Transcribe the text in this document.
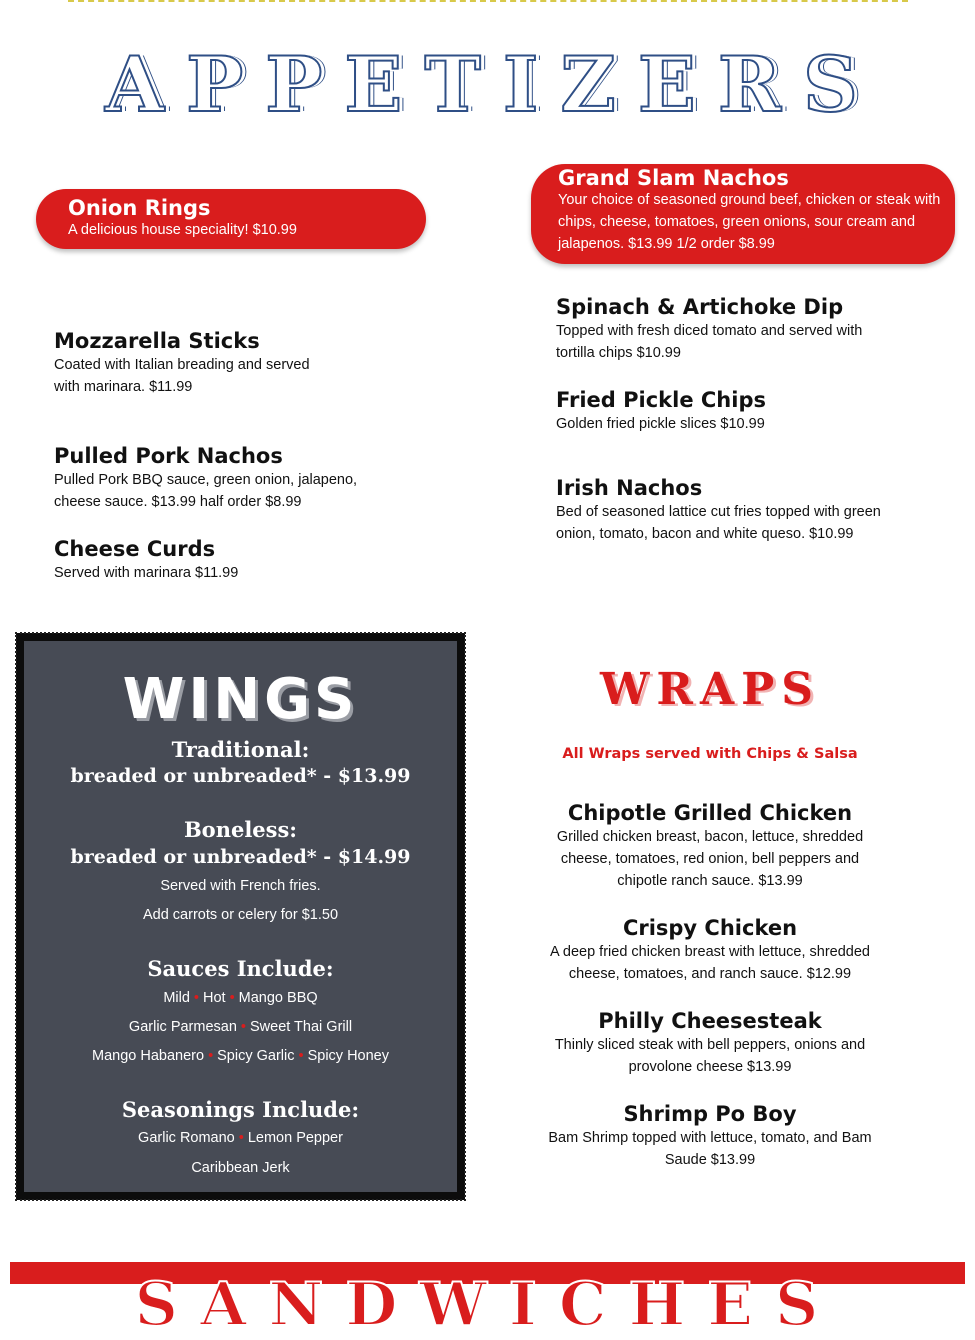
APPETIZERS
Onion Rings
A delicious house speciality! $10.99
Grand Slam Nachos
Your choice of seasoned ground beef, chicken or steak with chips, cheese, tomatoes, green onions, sour cream and jalapenos. $13.99 1/2 order $8.99
Mozzarella Sticks
Coated with Italian breading and served
with marinara. $11.99
Pulled Pork Nachos
Pulled Pork BBQ sauce, green onion, jalapeno,
cheese sauce. $13.99 half order $8.99
Cheese Curds
Served with marinara $11.99
Spinach & Artichoke Dip
Topped with fresh diced tomato and served with
tortilla chips $10.99
Fried Pickle Chips
Golden fried pickle slices $10.99
Irish Nachos
Bed of seasoned lattice cut fries topped with green
onion, tomato, bacon and white queso. $10.99
WINGS
Traditional:
breaded or unbreaded* - $13.99
Boneless:
breaded or unbreaded* - $14.99
Served with French fries.
Add carrots or celery for $1.50
Sauces Include:
Mild • Hot • Mango BBQ
Garlic Parmesan • Sweet Thai Grill
Mango Habanero • Spicy Garlic • Spicy Honey
Seasonings Include:
Garlic Romano • Lemon Pepper
Caribbean Jerk
WRAPS
All Wraps served with Chips & Salsa
Chipotle Grilled Chicken
Grilled chicken breast, bacon, lettuce, shredded
cheese, tomatoes, red onion, bell peppers and
chipotle ranch sauce. $13.99
Crispy Chicken
A deep fried chicken breast with lettuce, shredded
cheese, tomatoes, and ranch sauce. $12.99
Philly Cheesesteak
Thinly sliced steak with bell peppers, onions and
provolone cheese $13.99
Shrimp Po Boy
Bam Shrimp topped with lettuce, tomato, and Bam
Saude $13.99
SANDWICHES
